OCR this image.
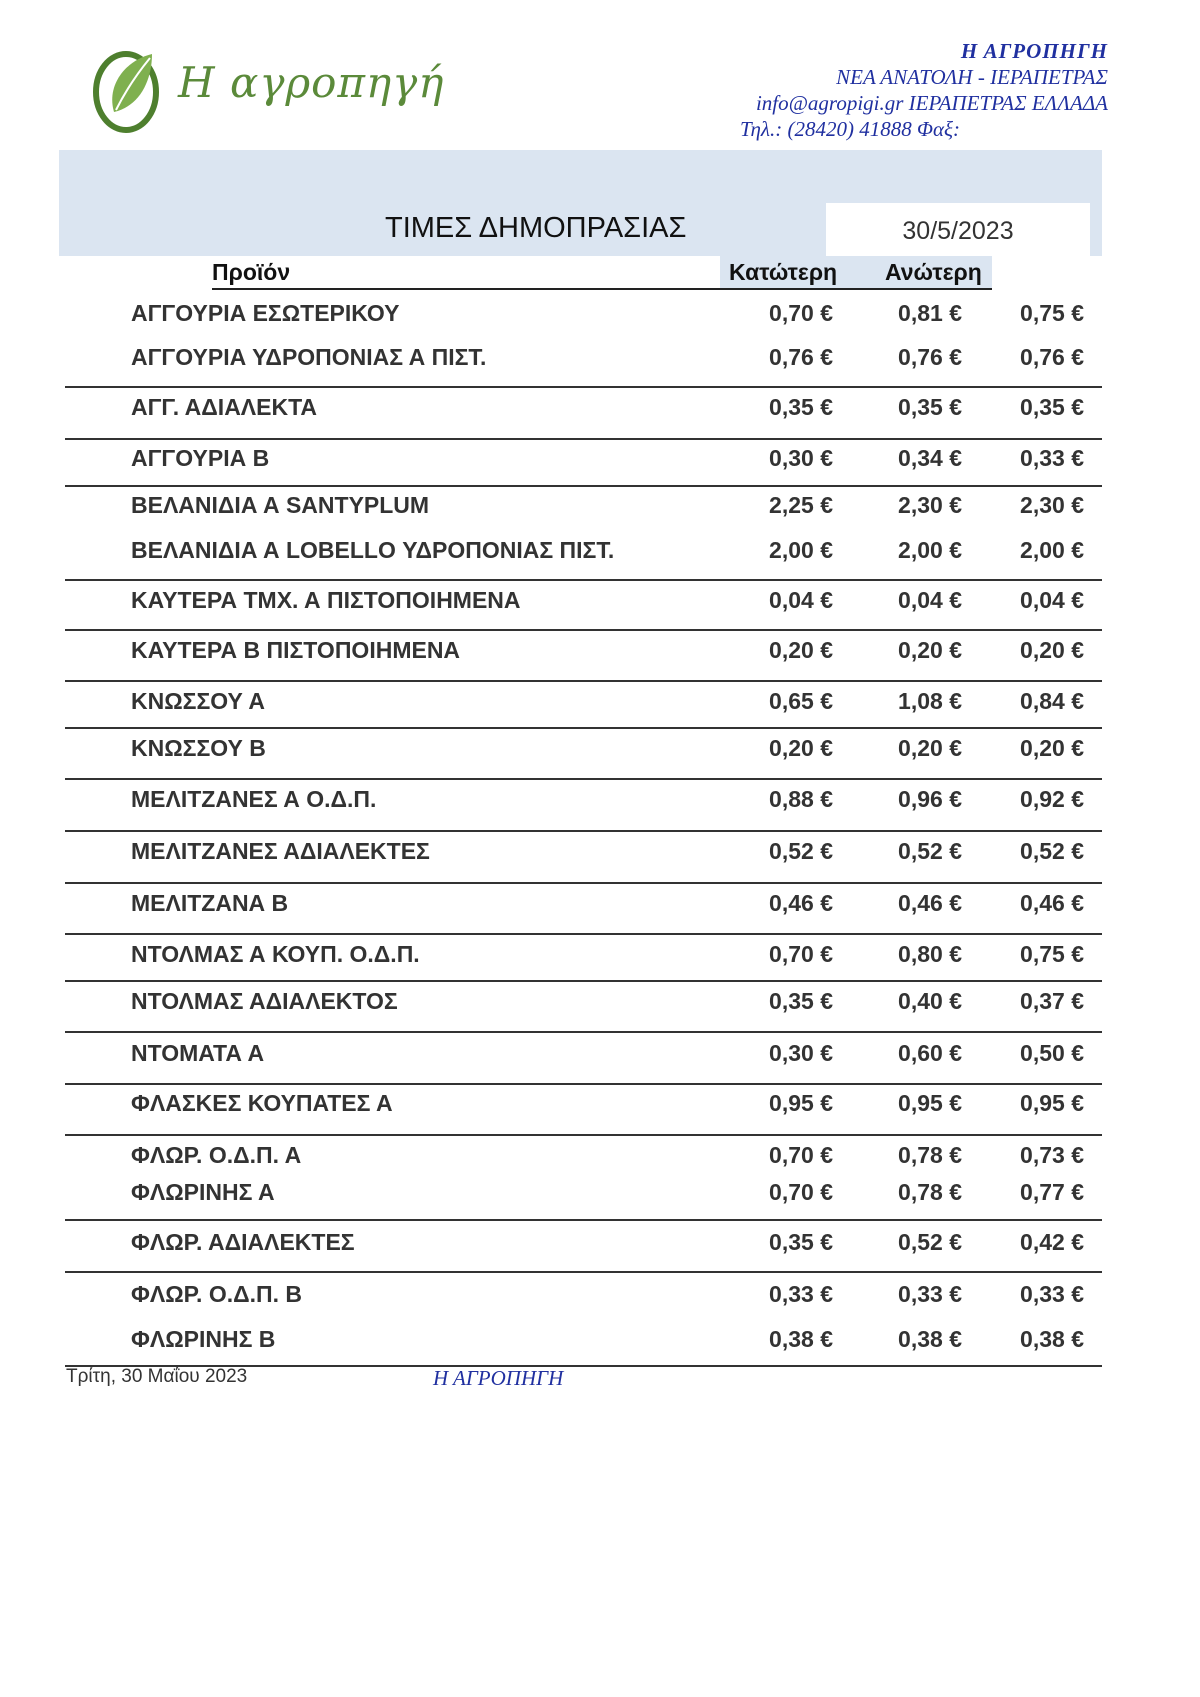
Η αγροπηγή
Η ΑΓΡΟΠΗΓΗ
ΝΕΑ ΑΝΑΤΟΛΗ - ΙΕΡΑΠΕΤΡΑΣ
info@agropigi.gr ΙΕΡΑΠΕΤΡΑΣ ΕΛΛΑΔΑ
Τηλ.: (28420) 41888 Φαξ:
30/5/2023
ΤΙΜΕΣ ΔΗΜΟΠΡΑΣΙΑΣ
Προϊόν	Κατώτερη Ανώτερη
ΑΓΓΟΥΡΙΑ ΕΣΩΤΕΡΙΚΟΥ	0,70 €	0,81 €	0,75 €
ΑΓΓΟΥΡΙΑ ΥΔΡΟΠΟΝΙΑΣ Α ΠΙΣΤ.	0,76 €	0,76 €	0,76 €
ΑΓΓ. ΑΔΙΑΛΕΚΤΑ	0,35 €	0,35 €	0,35 €
ΑΓΓΟΥΡΙΑ Β	0,30 €	0,34 €	0,33 €
ΒΕΛΑΝΙΔΙΑ Α SANTYPLUM	2,25 €	2,30 €	2,30 €
ΒΕΛΑΝΙΔΙΑ Α LOBELLO ΥΔΡΟΠΟΝΙΑΣ ΠΙΣΤ.	2,00 €	2,00 €	2,00 €
ΚΑΥΤΕΡΑ ΤΜΧ. Α ΠΙΣΤΟΠΟΙΗΜΕΝΑ	0,04 €	0,04 €	0,04 €
ΚΑΥΤΕΡΑ Β ΠΙΣΤΟΠΟΙΗΜΕΝΑ	0,20 €	0,20 €	0,20 €
ΚΝΩΣΣΟΥ Α	0,65 €	1,08 €	0,84 €
ΚΝΩΣΣΟΥ Β	0,20 €	0,20 €	0,20 €
ΜΕΛΙΤΖΑΝΕΣ Α Ο.Δ.Π.	0,88 €	0,96 €	0,92 €
ΜΕΛΙΤΖΑΝΕΣ ΑΔΙΑΛΕΚΤΕΣ	0,52 €	0,52 €	0,52 €
ΜΕΛΙΤΖΑΝΑ Β	0,46 €	0,46 €	0,46 €
ΝΤΟΛΜΑΣ Α ΚΟΥΠ. Ο.Δ.Π.	0,70 €	0,80 €	0,75 €
ΝΤΟΛΜΑΣ ΑΔΙΑΛΕΚΤΟΣ	0,35 €	0,40 €	0,37 €
ΝΤΟΜΑΤΑ Α	0,30 €	0,60 €	0,50 €
ΦΛΑΣΚΕΣ ΚΟΥΠΑΤΕΣ Α	0,95 €	0,95 €	0,95 €
ΦΛΩΡ. Ο.Δ.Π. Α	0,70 €	0,78 €	0,73 €
ΦΛΩΡΙΝΗΣ Α	0,70 €	0,78 €	0,77 €
ΦΛΩΡ. ΑΔΙΑΛΕΚΤΕΣ	0,35 €	0,52 €	0,42 €
ΦΛΩΡ. Ο.Δ.Π. Β	0,33 €	0,33 €	0,33 €
ΦΛΩΡΙΝΗΣ Β	0,38 €	0,38 €	0,38 €
Τρίτη, 30 Μαΐου 2023	Η ΑΓΡΟΠΗΓΗ
